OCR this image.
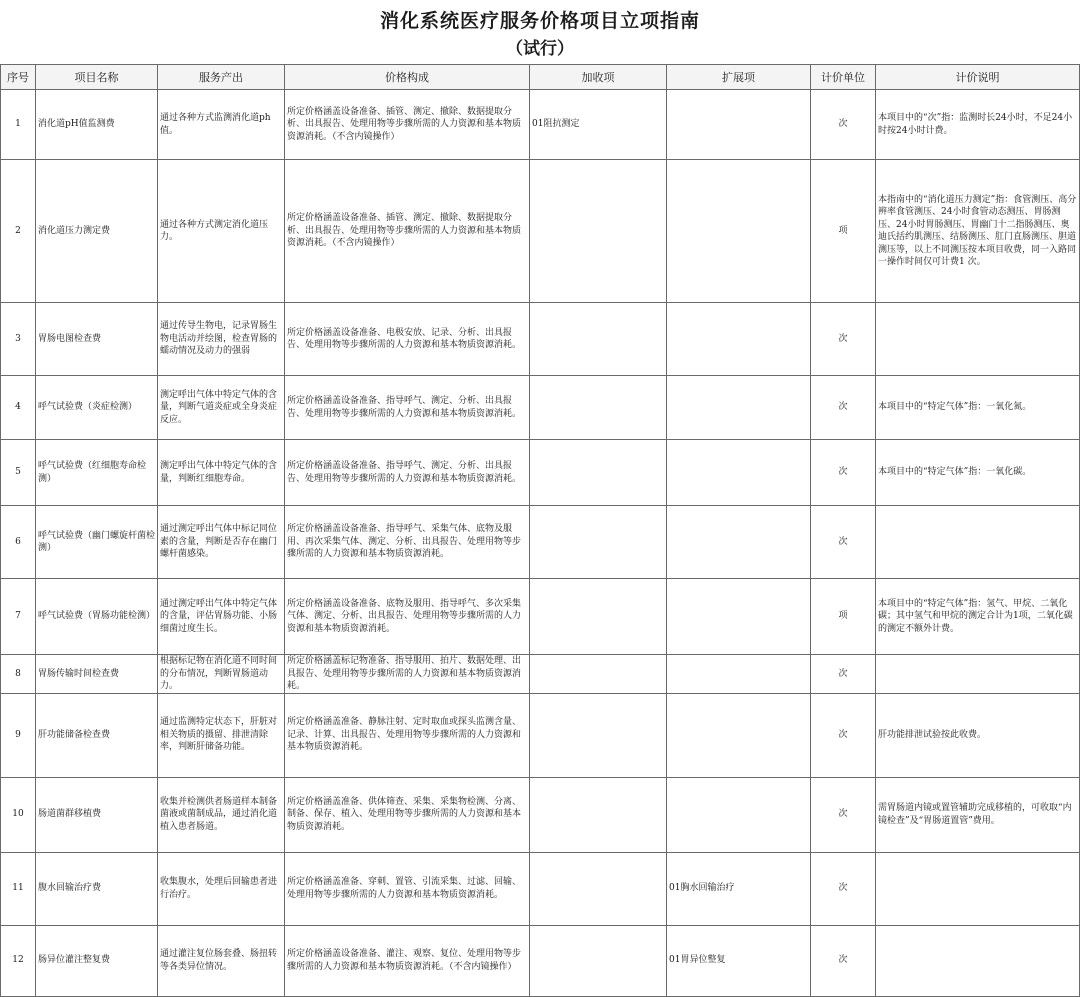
消化系统医疗服务价格项目立项指南
（试行）
序号	项目名称	服务产出	价格构成	加收项	扩展项	计价单位	计价说明
1	消化道pH值监测费	通过各种方式监测消化道ph值。	所定价格涵盖设备准备、插管、测定、撤除、数据提取分析、出具报告、处理用物等步骤所需的人力资源和基本物质资源消耗。（不含内镜操作）	01阻抗测定		次	本项目中的“次”指：监测时长24小时，不足24小时按24小时计费。
2	消化道压力测定费	通过各种方式测定消化道压力。	所定价格涵盖设备准备、插管、测定、撤除、数据提取分析、出具报告、处理用物等步骤所需的人力资源和基本物质资源消耗。（不含内镜操作）			项	本指南中的“消化道压力测定”指：食管测压、高分辨率食管测压、24小时食管动态测压、胃肠测压、24小时胃肠测压、胃幽门十二指肠测压、奥迪氏括约肌测压、结肠测压、肛门直肠测压、胆道测压等，以上不同测压按本项目收费，同一入路同一操作时间仅可计费1 次。
3	胃肠电图检查费	通过传导生物电，记录胃肠生物电活动并绘图，检查胃肠的蠕动情况及动力的强弱	所定价格涵盖设备准备、电极安放、记录、分析、出具报告、处理用物等步骤所需的人力资源和基本物质资源消耗。			次	
4	呼气试验费（炎症检测）	测定呼出气体中特定气体的含量，判断气道炎症或全身炎症反应。	所定价格涵盖设备准备、指导呼气、测定、分析、出具报告、处理用物等步骤所需的人力资源和基本物质资源消耗。			次	本项目中的“特定气体”指：一氧化氮。
5	呼气试验费（红细胞寿命检测）	测定呼出气体中特定气体的含量，判断红细胞寿命。	所定价格涵盖设备准备、指导呼气、测定、分析、出具报告、处理用物等步骤所需的人力资源和基本物质资源消耗。			次	本项目中的“特定气体”指：一氧化碳。
6	呼气试验费（幽门螺旋杆菌检测）	通过测定呼出气体中标记同位素的含量，判断是否存在幽门螺杆菌感染。	所定价格涵盖设备准备、指导呼气、采集气体、底物及服用、再次采集气体、测定、分析、出具报告、处理用物等步骤所需的人力资源和基本物质资源消耗。			次	
7	呼气试验费（胃肠功能检测）	通过测定呼出气体中特定气体的含量，评估胃肠功能、小肠细菌过度生长。	所定价格涵盖设备准备、底物及服用、指导呼气、多次采集气体、测定、分析、出具报告、处理用物等步骤所需的人力资源和基本物质资源消耗。			项	本项目中的“特定气体”指：氢气、甲烷、二氧化碳；其中氢气和甲烷的测定合计为1项，二氧化碳的测定不额外计费。
8	胃肠传输时间检查费	根据标记物在消化道不同时间的分布情况，判断胃肠道动力。	所定价格涵盖标记物准备、指导服用、拍片、数据处理、出具报告、处理用物等步骤所需的人力资源和基本物质资源消耗。			次	
9	肝功能储备检查费	通过监测特定状态下，肝脏对相关物质的摄留、排泄清除率，判断肝储备功能。	所定价格涵盖准备、静脉注射、定时取血或探头监测含量、记录、计算、出具报告、处理用物等步骤所需的人力资源和基本物质资源消耗。			次	肝功能排泄试验按此收费。
10	肠道菌群移植费	收集并检测供者肠道样本制备菌液或菌制成品，通过消化道植入患者肠道。	所定价格涵盖准备、供体筛查、采集、采集物检测、分离、制备、保存、植入、处理用物等步骤所需的人力资源和基本物质资源消耗。			次	需胃肠道内镜或置管辅助完成移植的，可收取“内镜检查”及“胃肠道置管”费用。
11	腹水回输治疗费	收集腹水，处理后回输患者进行治疗。	所定价格涵盖准备、穿刺、置管、引流采集、过滤、回输、处理用物等步骤所需的人力资源和基本物质资源消耗。		01胸水回输治疗	次	
12	肠异位灌注整复费	通过灌注复位肠套叠、肠扭转等各类异位情况。	所定价格涵盖设备准备、灌注、观察、复位、处理用物等步骤所需的人力资源和基本物质资源消耗。（不含内镜操作）		01胃异位整复	次	
